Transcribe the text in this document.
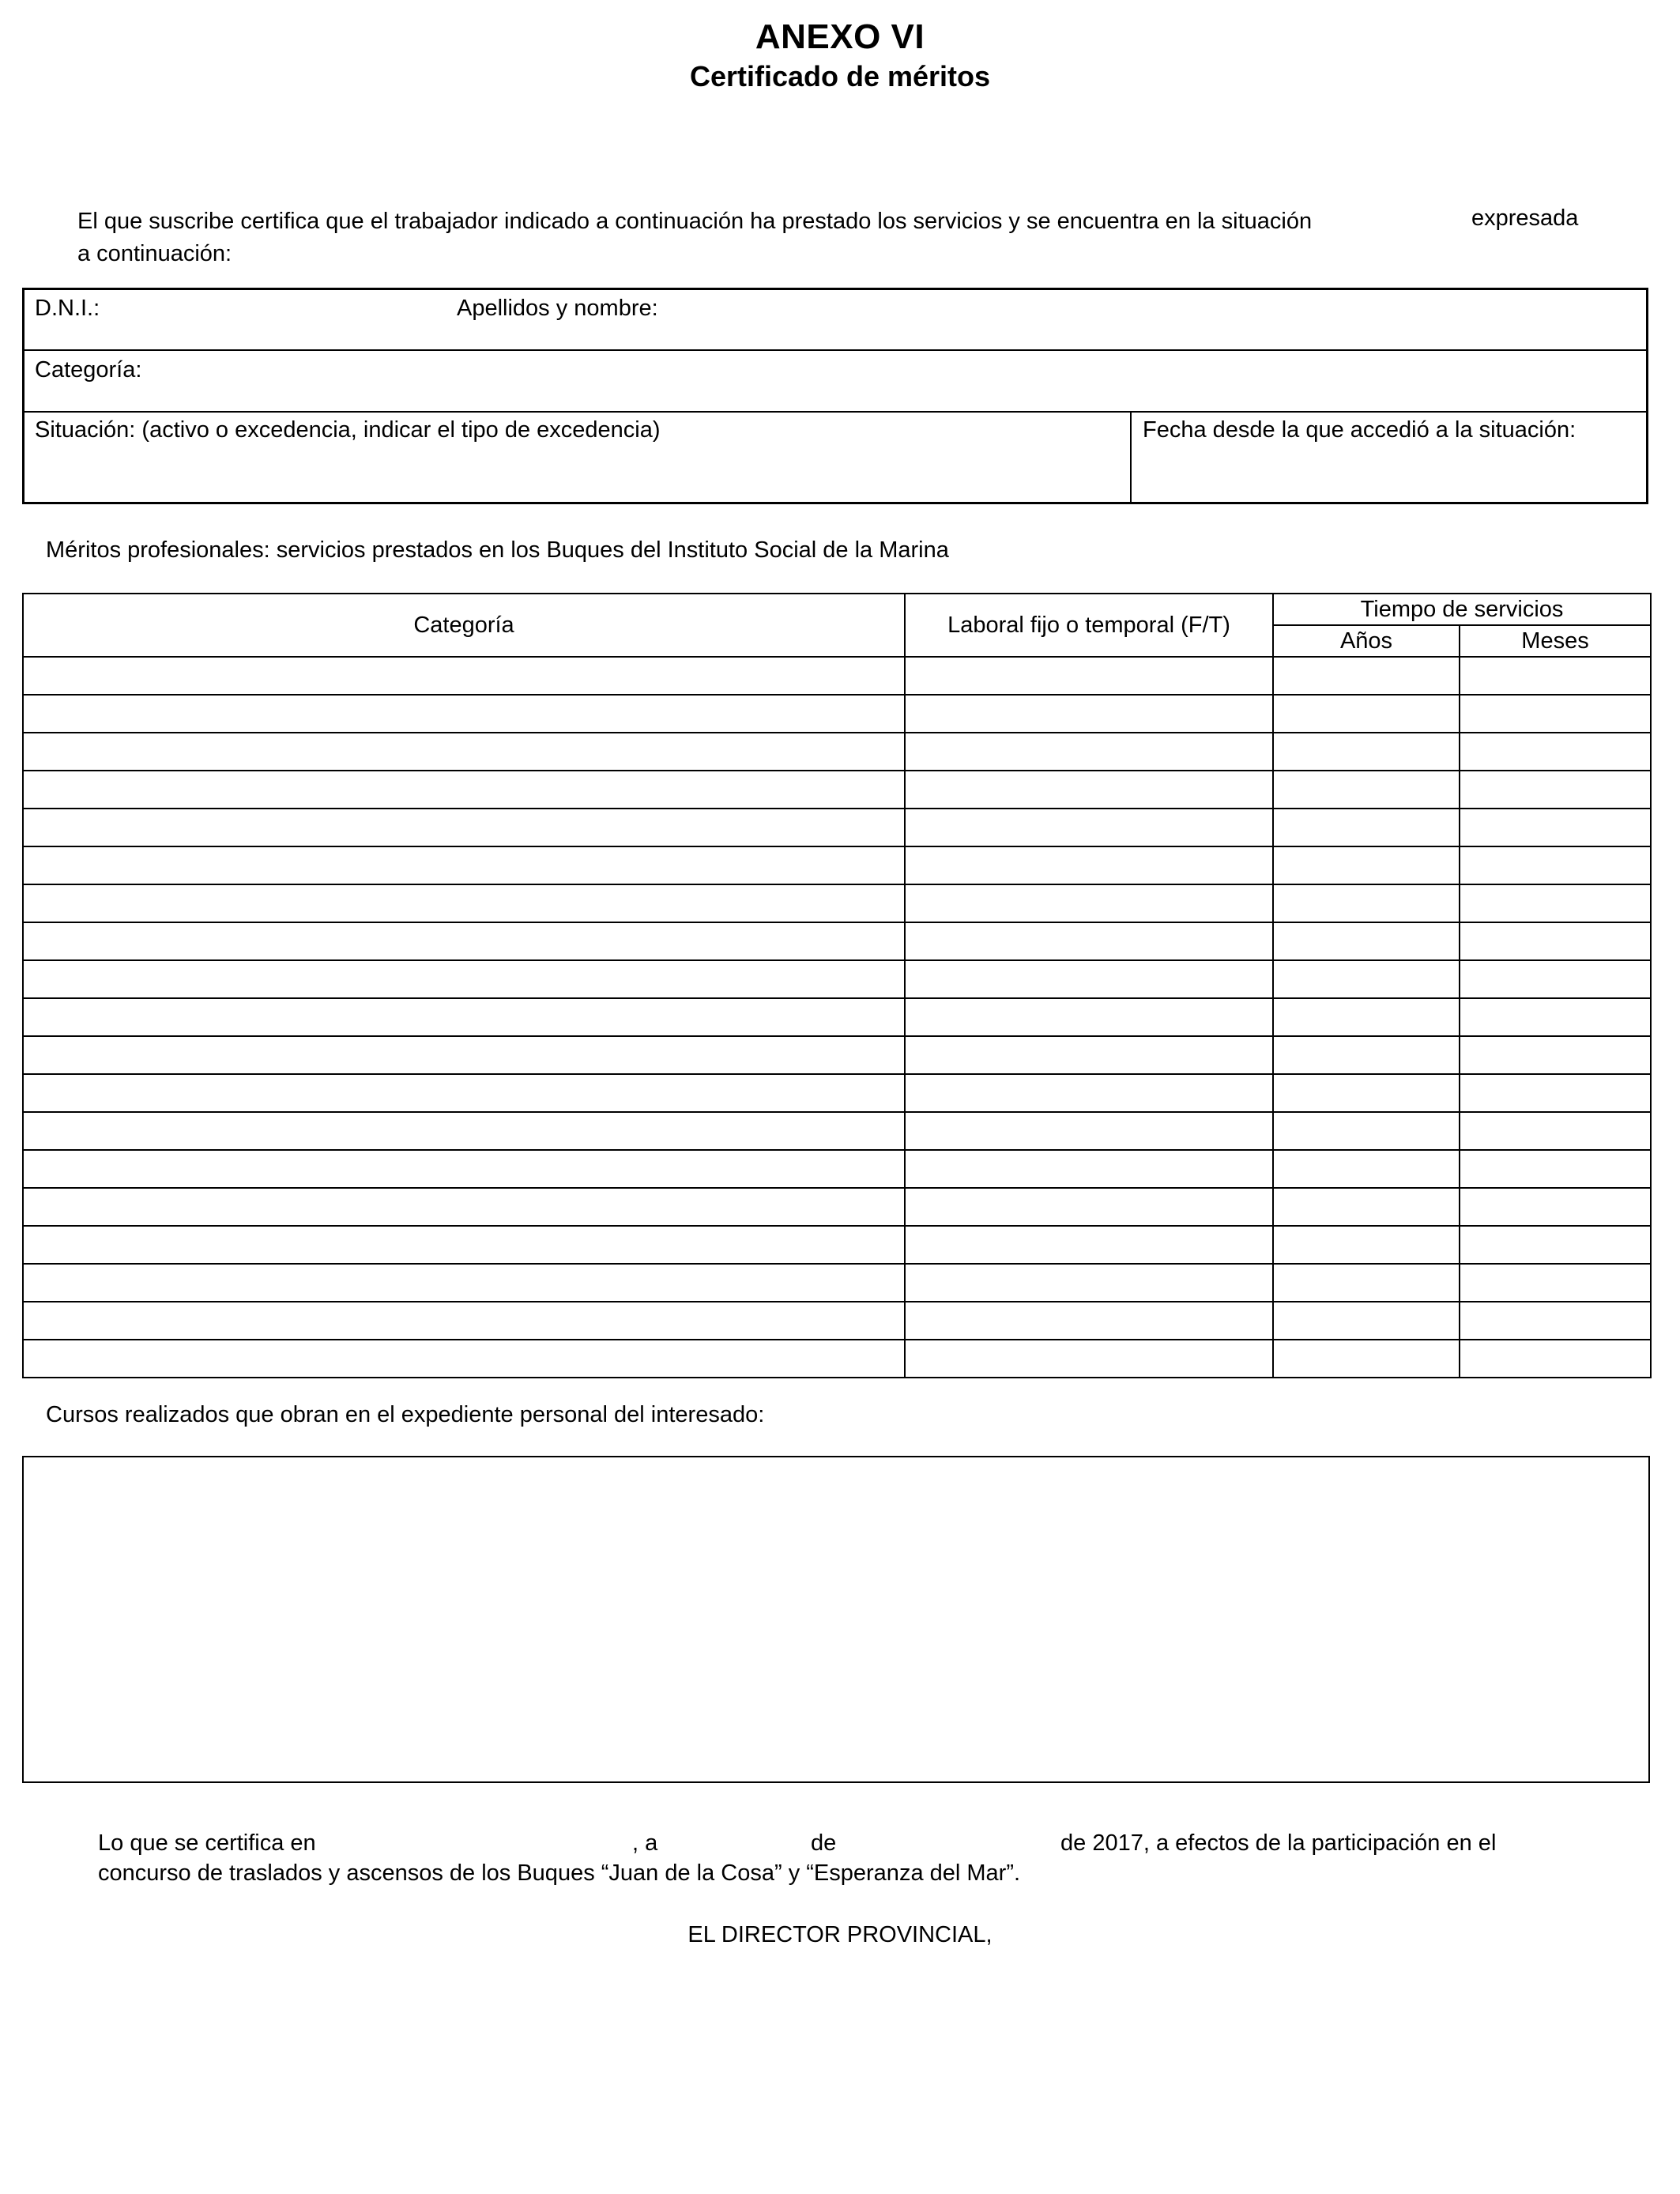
ANEXO VI
Certificado de méritos
El que suscribe certifica que el trabajador indicado a continuación ha prestado los servicios y se encuentra en la situación	expresada
a continuación:
D.N.I.:	Apellidos y nombre:
Categoría:
Situación: (activo o excedencia, indicar el tipo de excedencia)	Fecha desde la que accedió a la situación:
Méritos profesionales: servicios prestados en los Buques del Instituto Social de la Marina
Categoría	Laboral fijo o temporal (F/T)	Tiempo de servicios	
		Años	Meses

Cursos realizados que obran en el expediente personal del interesado:
Lo que se certifica en	, a	de	de 2017, a efectos de la participación en el
concurso de traslados y ascensos de los Buques “Juan de la Cosa” y “Esperanza del Mar”.
EL DIRECTOR PROVINCIAL,
